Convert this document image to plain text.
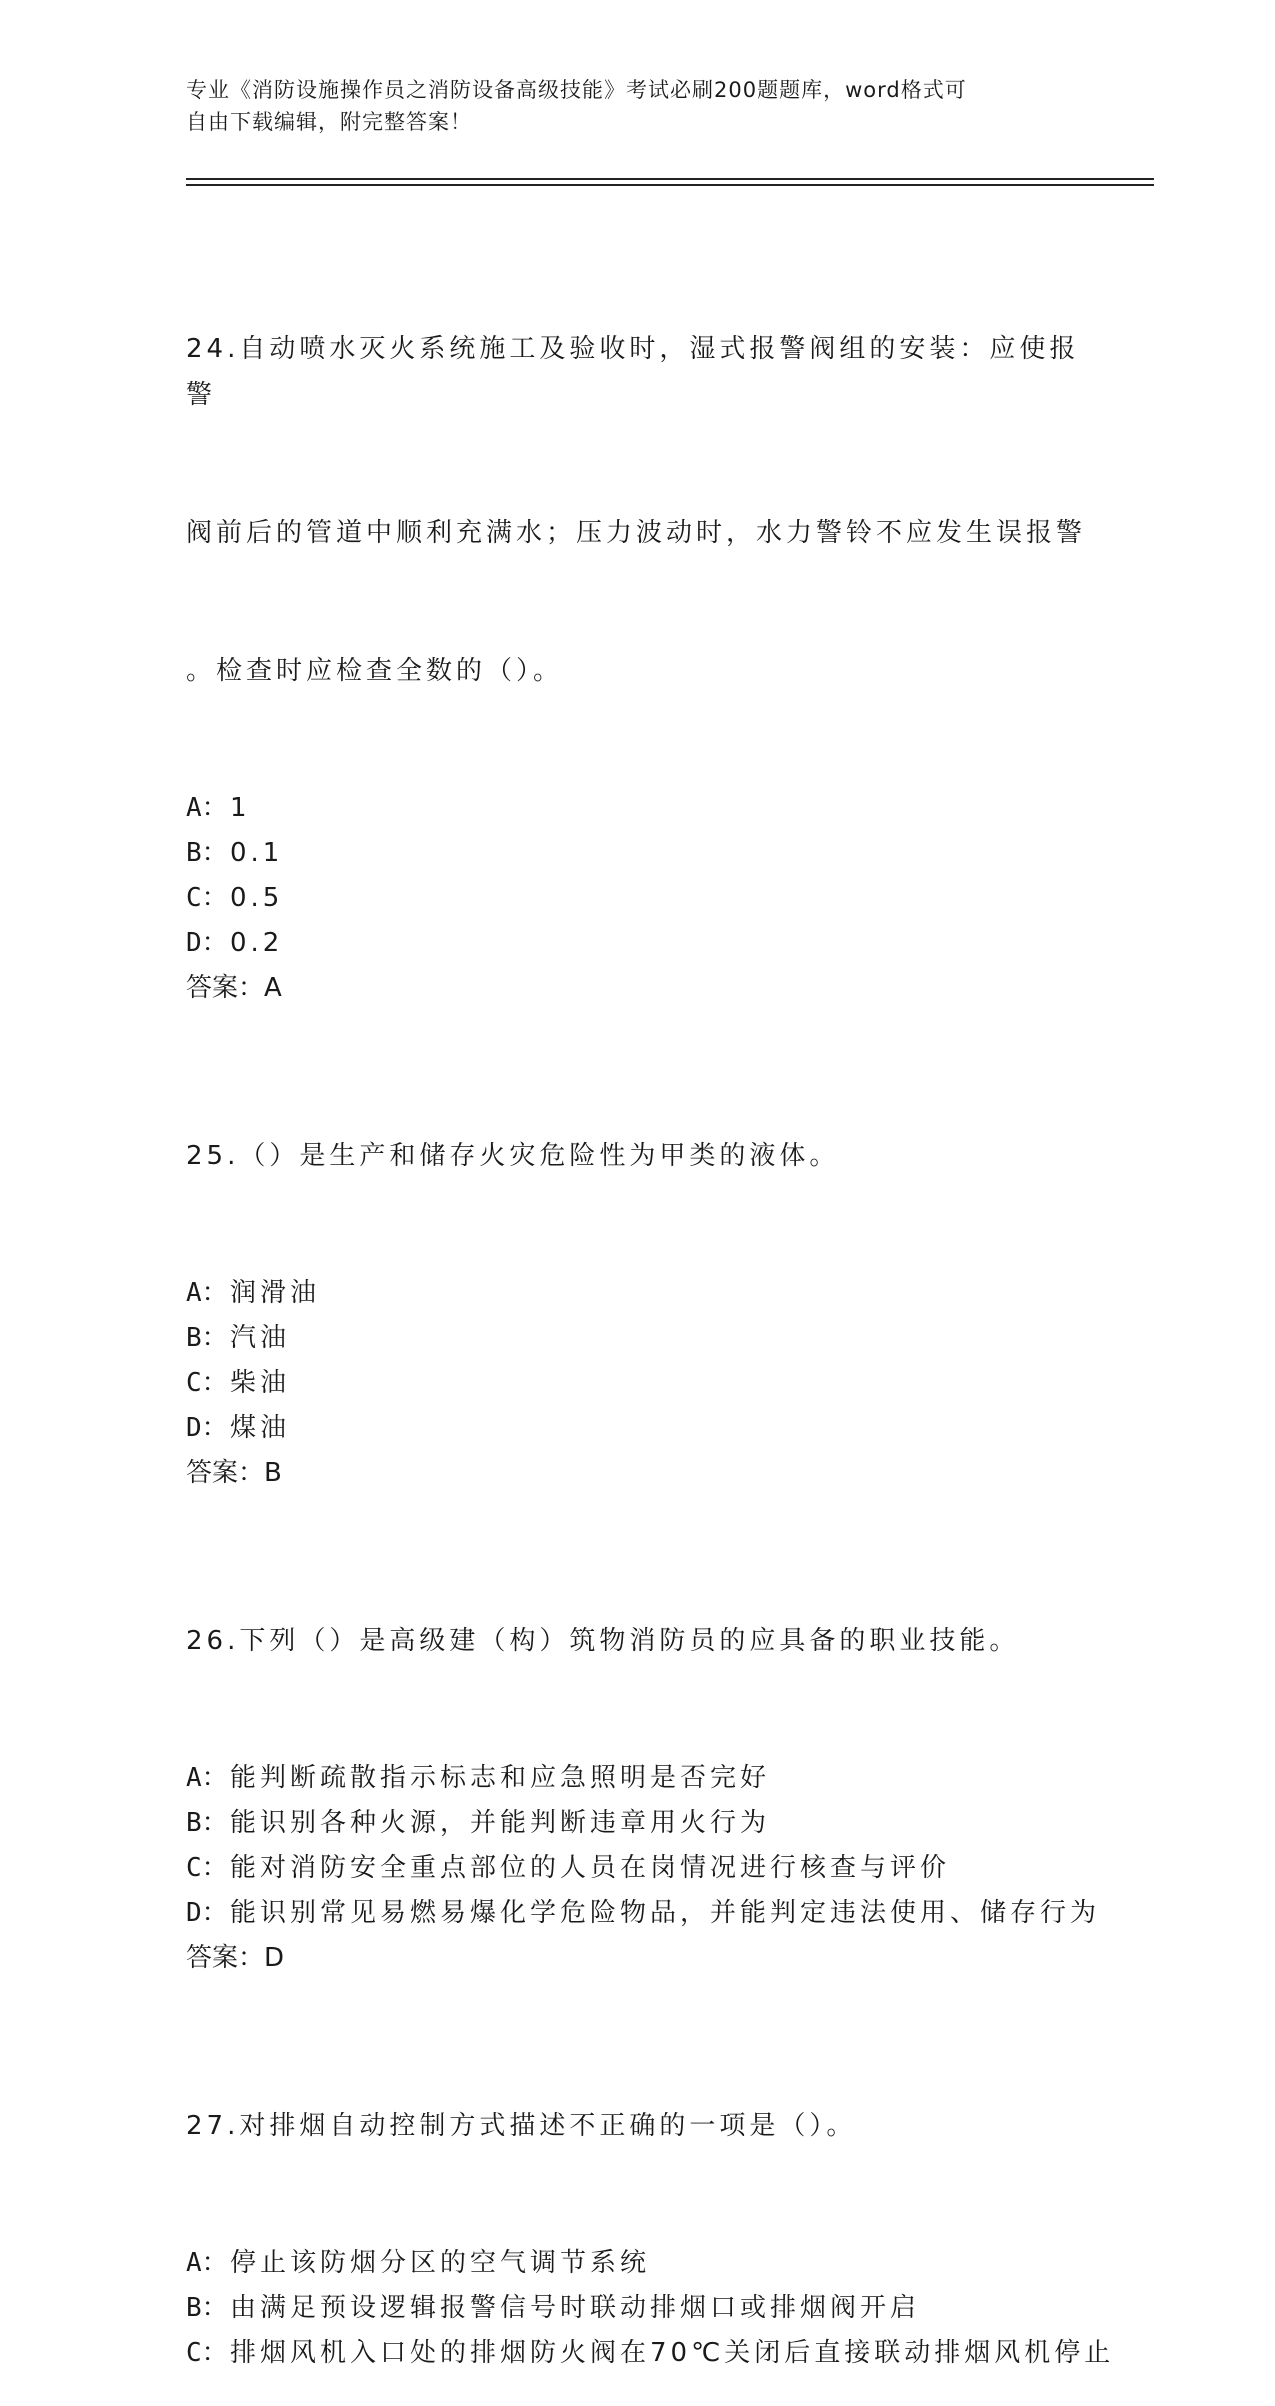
专业《消防设施操作员之消防设备高级技能》考试必刷200题题库，word格式可
自由下载编辑，附完整答案！

24.自动喷水灭火系统施工及验收时，湿式报警阀组的安装：应使报警

阀前后的管道中顺利充满水；压力波动时，水力警铃不应发生误报警

。检查时应检查全数的（）。

A：1
B：0.1
C：0.5
D：0.2
答案：A

25.（）是生产和储存火灾危险性为甲类的液体。

A：润滑油
B：汽油
C：柴油
D：煤油
答案：B

26.下列（）是高级建（构）筑物消防员的应具备的职业技能。

A：能判断疏散指示标志和应急照明是否完好
B：能识别各种火源，并能判断违章用火行为
C：能对消防安全重点部位的人员在岗情况进行核查与评价
D：能识别常见易燃易爆化学危险物品，并能判定违法使用、储存行为
答案：D

27.对排烟自动控制方式描述不正确的一项是（）。

A：停止该防烟分区的空气调节系统
B：由满足预设逻辑报警信号时联动排烟口或排烟阀开启
C：排烟风机入口处的排烟防火阀在70℃关闭后直接联动排烟风机停止
